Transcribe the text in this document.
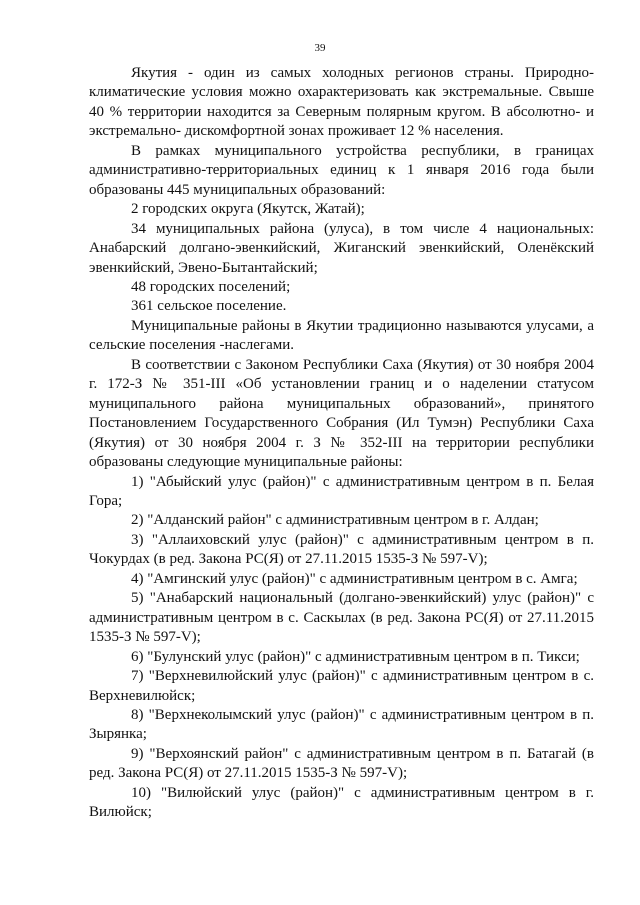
39

Якутия - один из самых холодных регионов страны. Природно-климатические условия можно охарактеризовать как экстремальные. Свыше 40 % территории находится за Северным полярным кругом. В абсолютно- и экстремально- дискомфортной зонах проживает 12 % населения.

В рамках муниципального устройства республики, в границах административно-территориальных единиц к 1 января 2016 года были образованы 445 муниципальных образований:

2 городских округа (Якутск, Жатай);

34 муниципальных района (улуса), в том числе 4 национальных: Анабарский долгано-эвенкийский, Жиганский эвенкийский, Оленёкский эвенкийский, Эвено-Бытантайский;

48 городских поселений;

361 сельское поселение.

Муниципальные районы в Якутии традиционно называются улусами, а сельские поселения -наслегами.

В соответствии с Законом Республики Саха (Якутия) от 30 ноября 2004 г. 172-З № 351-III «Об установлении границ и о наделении статусом муниципального района муниципальных образований», принятого Постановлением Государственного Собрания (Ил Тумэн) Республики Саха (Якутия) от 30 ноября 2004 г. З № 352-III на территории республики образованы следующие муниципальные районы:

1) "Абыйский улус (район)" с административным центром в п. Белая Гора;

2) "Алданский район" с административным центром в г. Алдан;

3) "Аллаиховский улус (район)" с административным центром в п. Чокурдах (в ред. Закона РС(Я) от 27.11.2015 1535-З № 597-V);

4) "Амгинский улус (район)" с административным центром в с. Амга;

5) "Анабарский национальный (долгано-эвенкийский) улус (район)" с административным центром в с. Саскылах (в ред. Закона РС(Я) от 27.11.2015 1535-З № 597-V);

6) "Булунский улус (район)" с административным центром в п. Тикси;

7) "Верхневилюйский улус (район)" с административным центром в с. Верхневилюйск;

8) "Верхнеколымский улус (район)" с административным центром в п. Зырянка;

9) "Верхоянский район" с административным центром в п. Батагай (в ред. Закона РС(Я) от 27.11.2015 1535-З № 597-V);

10) "Вилюйский улус (район)" с административным центром в г. Вилюйск;
